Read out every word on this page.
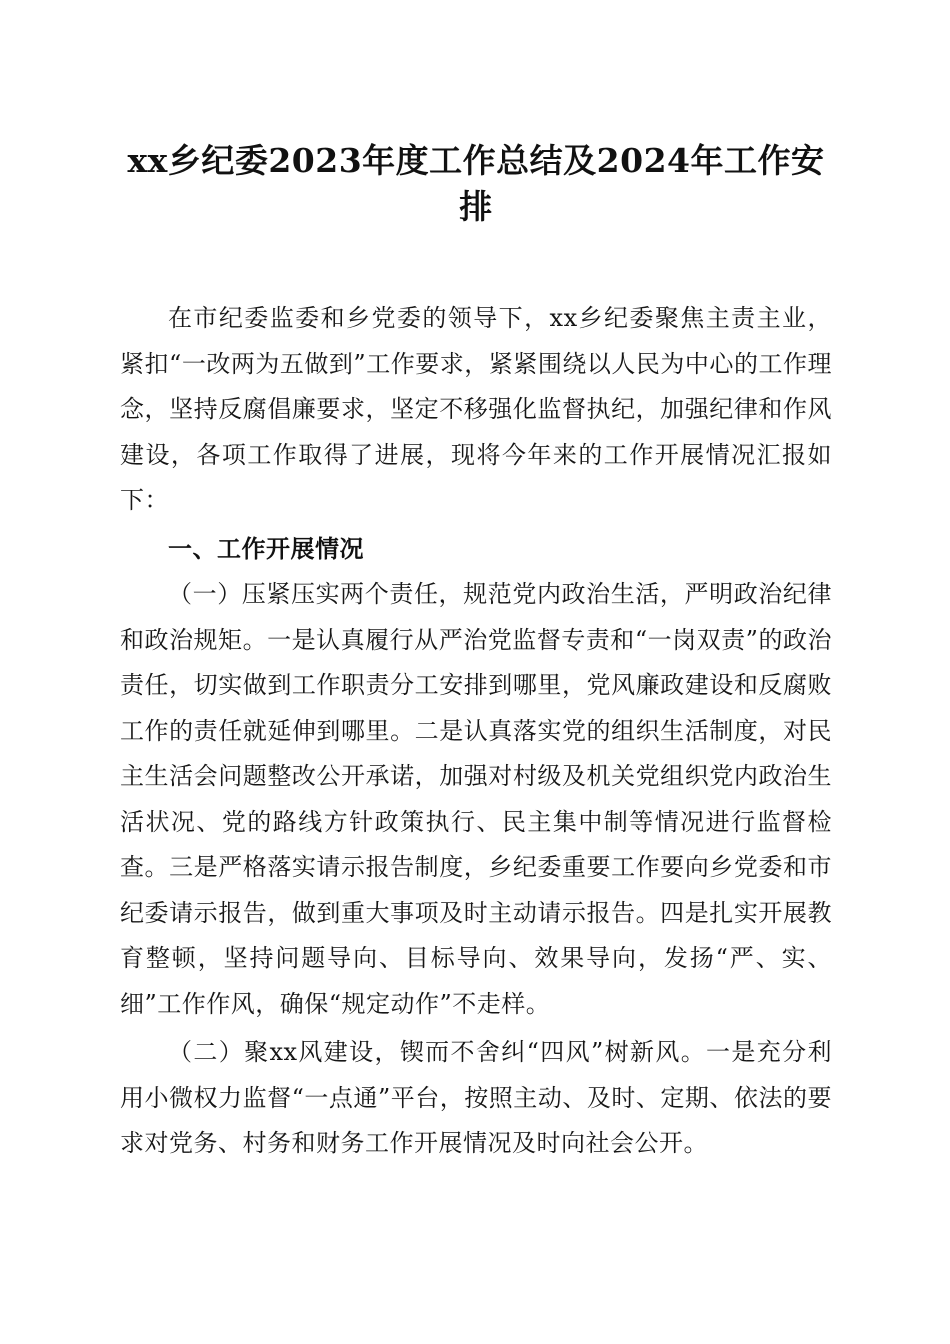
xx乡纪委2023年度工作总结及2024年工作安排

在市纪委监委和乡党委的领导下，xx乡纪委聚焦主责主业，紧扣“一改两为五做到”工作要求，紧紧围绕以人民为中心的工作理念，坚持反腐倡廉要求，坚定不移强化监督执纪，加强纪律和作风建设，各项工作取得了进展，现将今年来的工作开展情况汇报如下：

一、工作开展情况

（一）压紧压实两个责任，规范党内政治生活，严明政治纪律和政治规矩。一是认真履行从严治党监督专责和“一岗双责”的政治责任，切实做到工作职责分工安排到哪里，党风廉政建设和反腐败工作的责任就延伸到哪里。二是认真落实党的组织生活制度，对民主生活会问题整改公开承诺，加强对村级及机关党组织党内政治生活状况、党的路线方针政策执行、民主集中制等情况进行监督检查。三是严格落实请示报告制度，乡纪委重要工作要向乡党委和市纪委请示报告，做到重大事项及时主动请示报告。四是扎实开展教育整顿，坚持问题导向、目标导向、效果导向，发扬“严、实、细”工作作风，确保“规定动作”不走样。

（二）聚xx风建设，锲而不舍纠“四风”树新风。一是充分利用小微权力监督“一点通”平台，按照主动、及时、定期、依法的要求对党务、村务和财务工作开展情况及时向社会公开。
